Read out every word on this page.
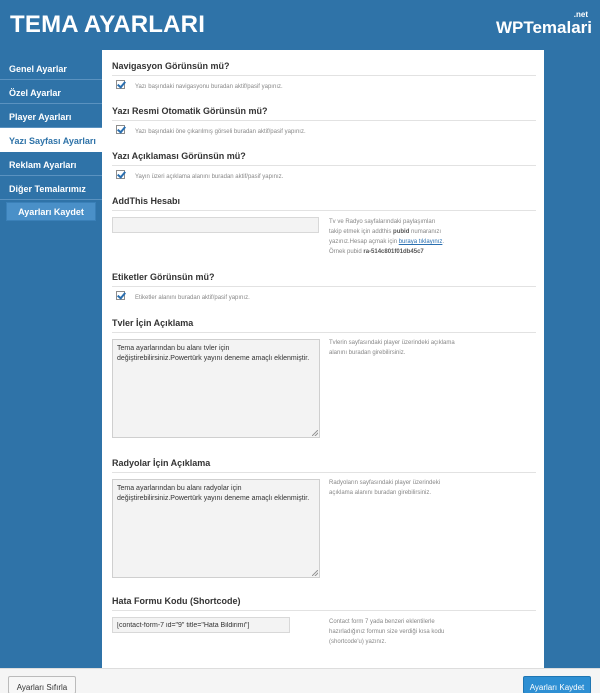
TEMA AYARLARI	.net
WPTemalari
Genel Ayarlar
Özel Ayarlar
Player Ayarları
Yazı Sayfası Ayarları
Reklam Ayarları
Diğer Temalarımız
Ayarları Kaydet
Navigasyon Görünsün mü?
Yazı başındaki navigasyonu buradan aktif/pasif yapınız.
Yazı Resmi Otomatik Görünsün mü?
Yazı başındaki öne çıkarılmış görseli buradan aktif/pasif yapınız.
Yazı Açıklaması Görünsün mü?
Yayın üzeri açıklama alanını buradan aktif/pasif yapınız.
AddThis Hesabı
Tv ve Radyo sayfalarındaki paylaşımları
takip etmek için addthis pubid numaranızı
yazınız.Hesap açmak için buraya tıklayınız.
Örnek pubid ra-514c801f01db45c7
Etiketler Görünsün mü?
Etiketler alanını buradan aktif/pasif yapınız.
Tvler İçin Açıklama
Tema ayarlarından bu alanı tvler için değiştirebilirsiniz.Powertürk yayını deneme amaçlı eklenmiştir.
Tvlerin sayfasındaki player üzerindeki açıklama alanını buradan girebilirsiniz.
Radyolar İçin Açıklama
Tema ayarlarından bu alanı radyolar için değiştirebilirsiniz.Powertürk yayını deneme amaçlı eklenmiştir.
Radyoların sayfasındaki player üzerindeki açıklama alanını buradan girebilirsiniz.
Hata Formu Kodu (Shortcode)
[contact-form-7 id="9" title="Hata Bildirimi"]
Contact form 7 yada benzeri eklentilerle hazırladığınız formun size verdiği kısa kodu (shortcode'u) yazınız.
Ayarları Sıfırla	Ayarları Kaydet
